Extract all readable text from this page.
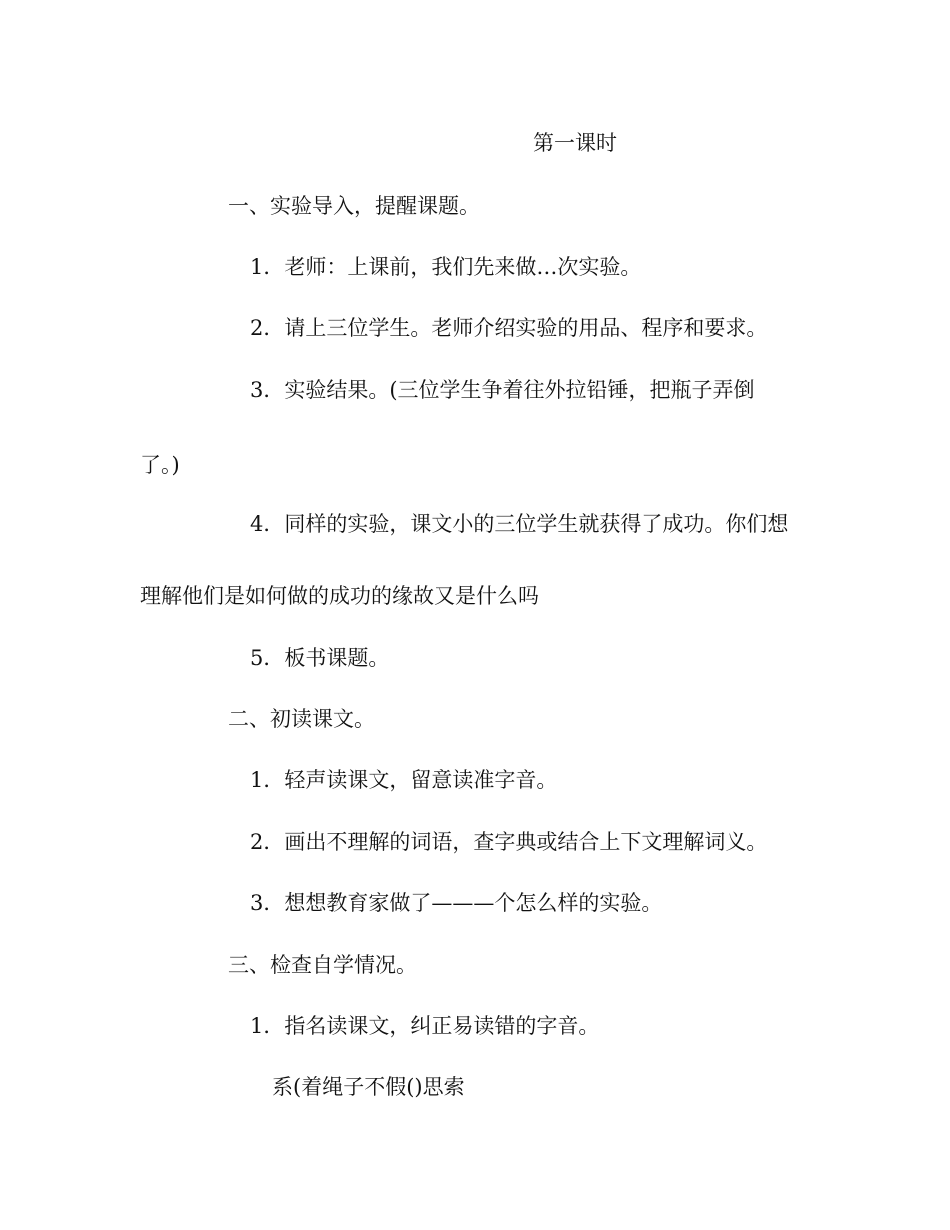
第一课时

一、实验导入，提醒课题。

1．老师：上课前，我们先来做…次实验。

2．请上三位学生。老师介绍实验的用品、程序和要求。

3．实验结果。(三位学生争着往外拉铅锤，把瓶子弄倒

了。)

4．同样的实验，课文小的三位学生就获得了成功。你们想

理解他们是如何做的成功的缘故又是什么吗

5．板书课题。

二、初读课文。

1．轻声读课文，留意读准字音。

2．画出不理解的词语，查字典或结合上下文理解词义。

3．想想教育家做了———个怎么样的实验。

三、检查自学情况。

1．指名读课文，纠正易读错的字音。

系(着绳子不假()思索
